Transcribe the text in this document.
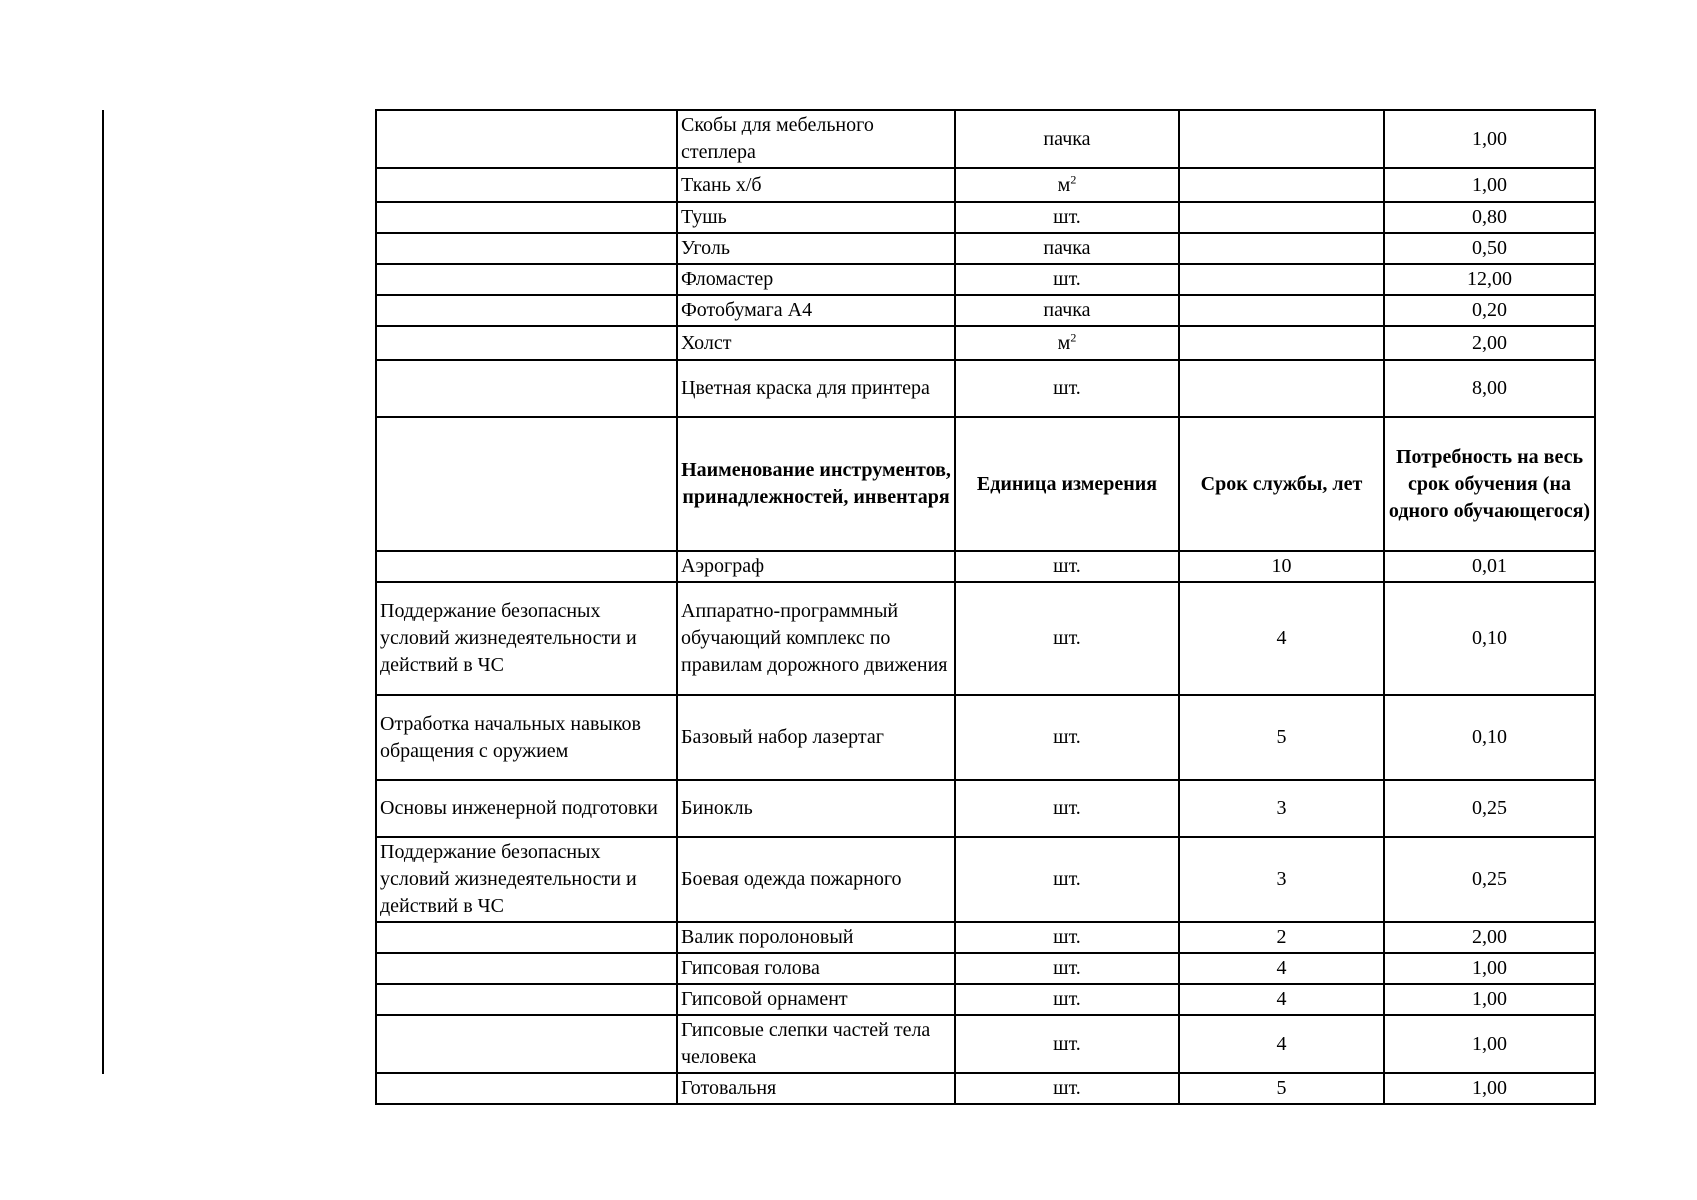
	Скобы для мебельного степлера	пачка		1,00
	Ткань х/б	$м^2$		1,00
	Тушь	шт.		0,80
	Уголь	пачка		0,50
	Фломастер	шт.		12,00
	Фотобумага А4	пачка		0,20
	Холст	$м^2$		2,00
	Цветная краска для принтера	шт.		8,00
	Наименование инструментов, принадлежностей, инвентаря	Единица измерения	Срок службы, лет	Потребность на весь срок обучения (на одного обучающегося)
	Аэрограф	шт.	10	0,01
Поддержание безопасных условий жизнедеятельности и действий в ЧС	Аппаратно-программный обучающий комплекс по правилам дорожного движения	шт.	4	0,10
Отработка начальных навыков обращения с оружием	Базовый набор лазертаг	шт.	5	0,10
Основы инженерной подготовки	Бинокль	шт.	3	0,25
Поддержание безопасных условий жизнедеятельности и действий в ЧС	Боевая одежда пожарного	шт.	3	0,25
	Валик поролоновый	шт.	2	2,00
	Гипсовая голова	шт.	4	1,00
	Гипсовой орнамент	шт.	4	1,00
	Гипсовые слепки частей тела человека	шт.	4	1,00
	Готовальня	шт.	5	1,00
